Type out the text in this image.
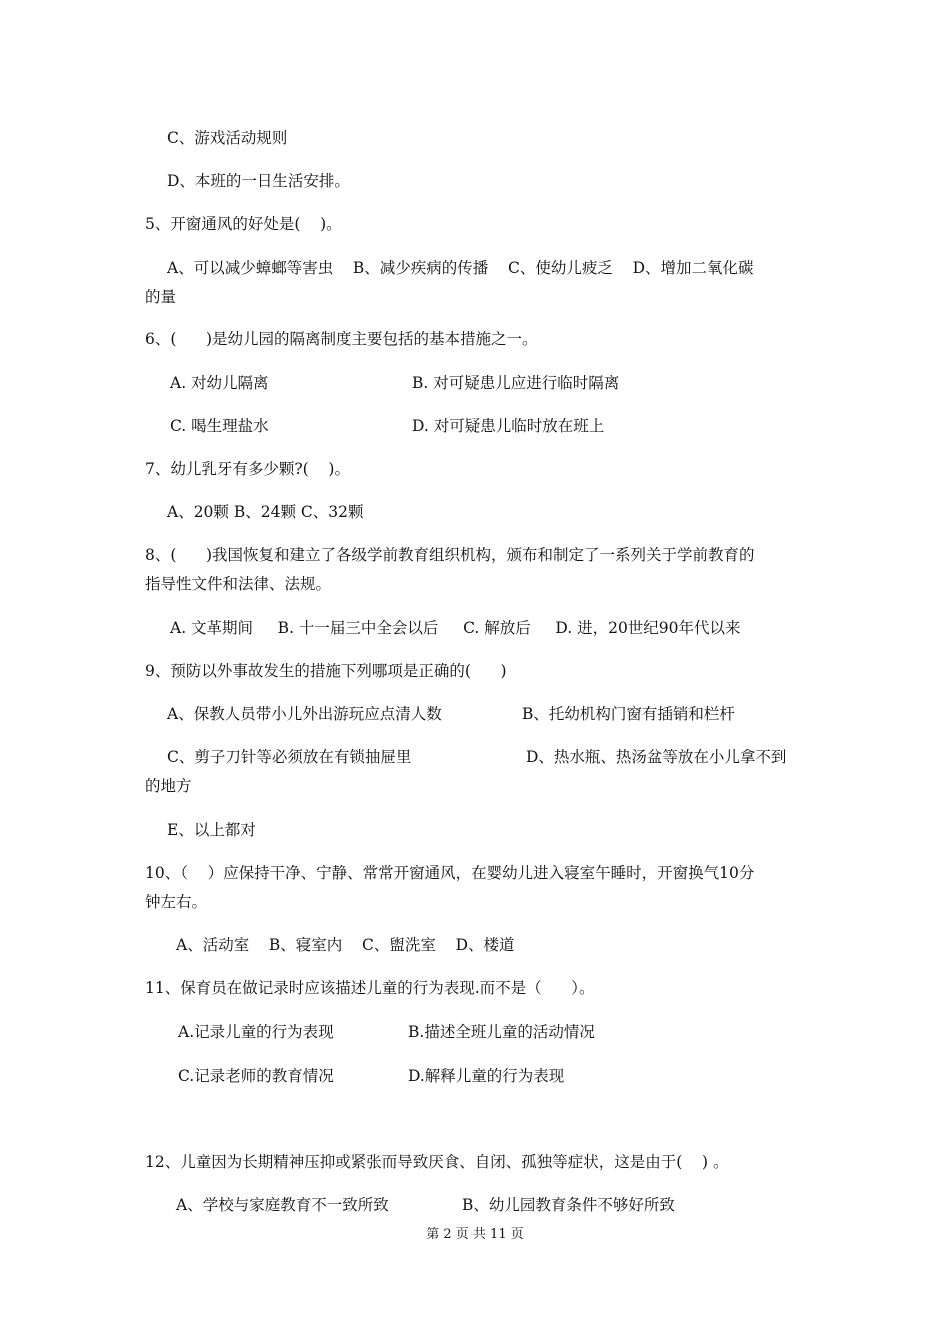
C、游戏活动规则
D、本班的一日生活安排。
5、开窗通风的好处是(    )。
A、可以减少蟑螂等害虫    B、减少疾病的传播    C、使幼儿疲乏    D、增加二氧化碳
的量
6、(      )是幼儿园的隔离制度主要包括的基本措施之一。
A. 对幼儿隔离	B. 对可疑患儿应进行临时隔离
C. 喝生理盐水	D. 对可疑患儿临时放在班上
7、幼儿乳牙有多少颗?(    )。
A、20颗 B、24颗 C、32颗
8、(      )我国恢复和建立了各级学前教育组织机构，颁布和制定了一系列关于学前教育的
指导性文件和法律、法规。
A. 文革期间     B. 十一届三中全会以后     C. 解放后     D. 进，20世纪90年代以来
9、预防以外事故发生的措施下列哪项是正确的(      )
A、保教人员带小儿外出游玩应点清人数	B、托幼机构门窗有插销和栏杆
C、剪子刀针等必须放在有锁抽屉里	D、热水瓶、热汤盆等放在小儿拿不到
的地方
E、以上都对
10、（    ）应保持干净、宁静、常常开窗通风，在婴幼儿进入寝室午睡时，开窗换气10分
钟左右。
A、活动室    B、寝室内    C、盥洗室    D、楼道
11、保育员在做记录时应该描述儿童的行为表现.而不是（      ）。
A.记录儿童的行为表现	B.描述全班儿童的活动情况
C.记录老师的教育情况	D.解释儿童的行为表现
12、儿童因为长期精神压抑或紧张而导致厌食、自闭、孤独等症状，这是由于(    ) 。
A、学校与家庭教育不一致所致	B、幼儿园教育条件不够好所致
第 2 页 共 11 页
